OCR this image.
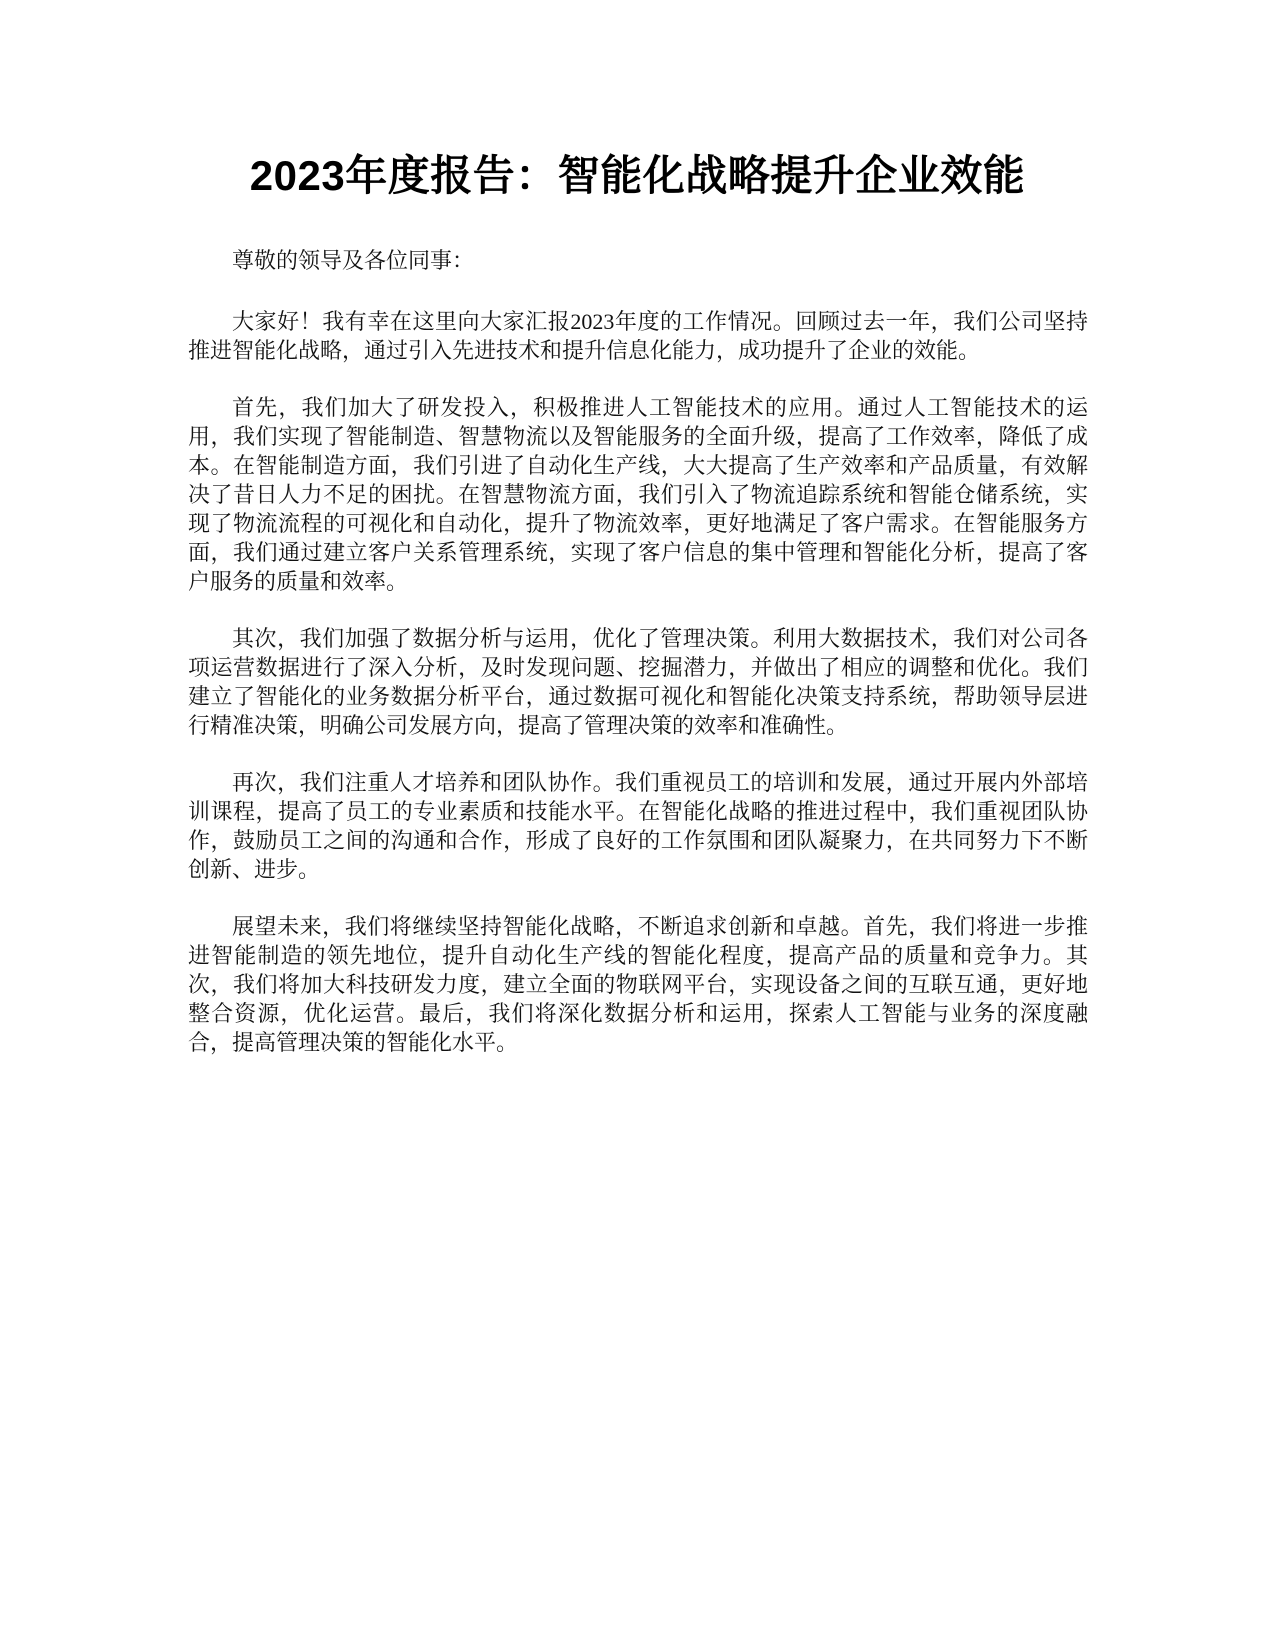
2023年度报告：智能化战略提升企业效能

尊敬的领导及各位同事：

大家好！我有幸在这里向大家汇报2023年度的工作情况。回顾过去一年，我们公司坚持推进智能化战略，通过引入先进技术和提升信息化能力，成功提升了企业的效能。

首先，我们加大了研发投入，积极推进人工智能技术的应用。通过人工智能技术的运用，我们实现了智能制造、智慧物流以及智能服务的全面升级，提高了工作效率，降低了成本。在智能制造方面，我们引进了自动化生产线，大大提高了生产效率和产品质量，有效解决了昔日人力不足的困扰。在智慧物流方面，我们引入了物流追踪系统和智能仓储系统，实现了物流流程的可视化和自动化，提升了物流效率，更好地满足了客户需求。在智能服务方面，我们通过建立客户关系管理系统，实现了客户信息的集中管理和智能化分析，提高了客户服务的质量和效率。

其次，我们加强了数据分析与运用，优化了管理决策。利用大数据技术，我们对公司各项运营数据进行了深入分析，及时发现问题、挖掘潜力，并做出了相应的调整和优化。我们建立了智能化的业务数据分析平台，通过数据可视化和智能化决策支持系统，帮助领导层进行精准决策，明确公司发展方向，提高了管理决策的效率和准确性。

再次，我们注重人才培养和团队协作。我们重视员工的培训和发展，通过开展内外部培训课程，提高了员工的专业素质和技能水平。在智能化战略的推进过程中，我们重视团队协作，鼓励员工之间的沟通和合作，形成了良好的工作氛围和团队凝聚力，在共同努力下不断创新、进步。

展望未来，我们将继续坚持智能化战略，不断追求创新和卓越。首先，我们将进一步推进智能制造的领先地位，提升自动化生产线的智能化程度，提高产品的质量和竞争力。其次，我们将加大科技研发力度，建立全面的物联网平台，实现设备之间的互联互通，更好地整合资源，优化运营。最后，我们将深化数据分析和运用，探索人工智能与业务的深度融合，提高管理决策的智能化水平。
